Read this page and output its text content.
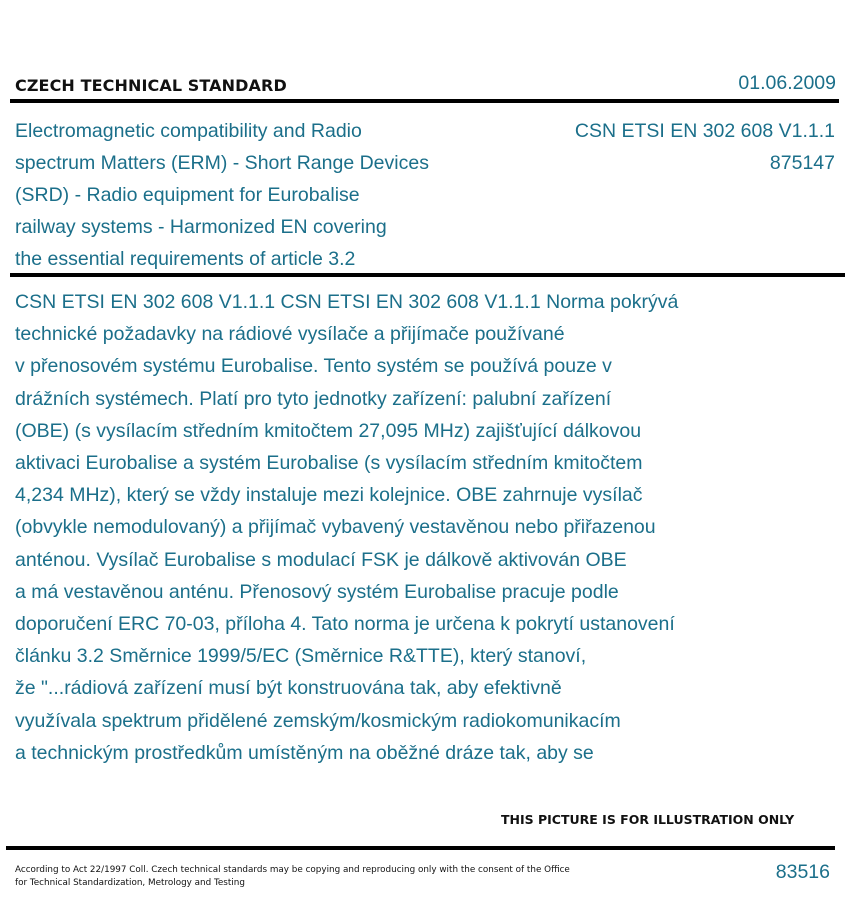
CZECH TECHNICAL STANDARD	01.06.2009
Electromagnetic compatibility and Radio
spectrum Matters (ERM) - Short Range Devices
(SRD) - Radio equipment for Eurobalise
railway systems - Harmonized EN covering
the essential requirements of article 3.2
CSN ETSI EN 302 608 V1.1.1
875147
CSN ETSI EN 302 608 V1.1.1 CSN ETSI EN 302 608 V1.1.1 Norma pokrývá
technické požadavky na rádiové vysílače a přijímače používané
v přenosovém systému Eurobalise. Tento systém se používá pouze v
drážních systémech. Platí pro tyto jednotky zařízení: palubní zařízení
(OBE) (s vysílacím středním kmitočtem 27,095 MHz) zajišťující dálkovou
aktivaci Eurobalise a systém Eurobalise (s vysílacím středním kmitočtem
4,234 MHz), který se vždy instaluje mezi kolejnice. OBE zahrnuje vysílač
(obvykle nemodulovaný) a přijímač vybavený vestavěnou nebo přiřazenou
anténou. Vysílač Eurobalise s modulací FSK je dálkově aktivován OBE
a má vestavěnou anténu. Přenosový systém Eurobalise pracuje podle
doporučení ERC 70-03, příloha 4. Tato norma je určena k pokrytí ustanovení
článku 3.2 Směrnice 1999/5/EC (Směrnice R&TTE), který stanoví,
že "...rádiová zařízení musí být konstruována tak, aby efektivně
využívala spektrum přidělené zemským/kosmickým radiokomunikacím
a technickým prostředkům umístěným na oběžné dráze tak, aby se
THIS PICTURE IS FOR ILLUSTRATION ONLY
According to Act 22/1997 Coll. Czech technical standards may be copying and reproducing only with the consent of the Office
for Technical Standardization, Metrology and Testing	83516
